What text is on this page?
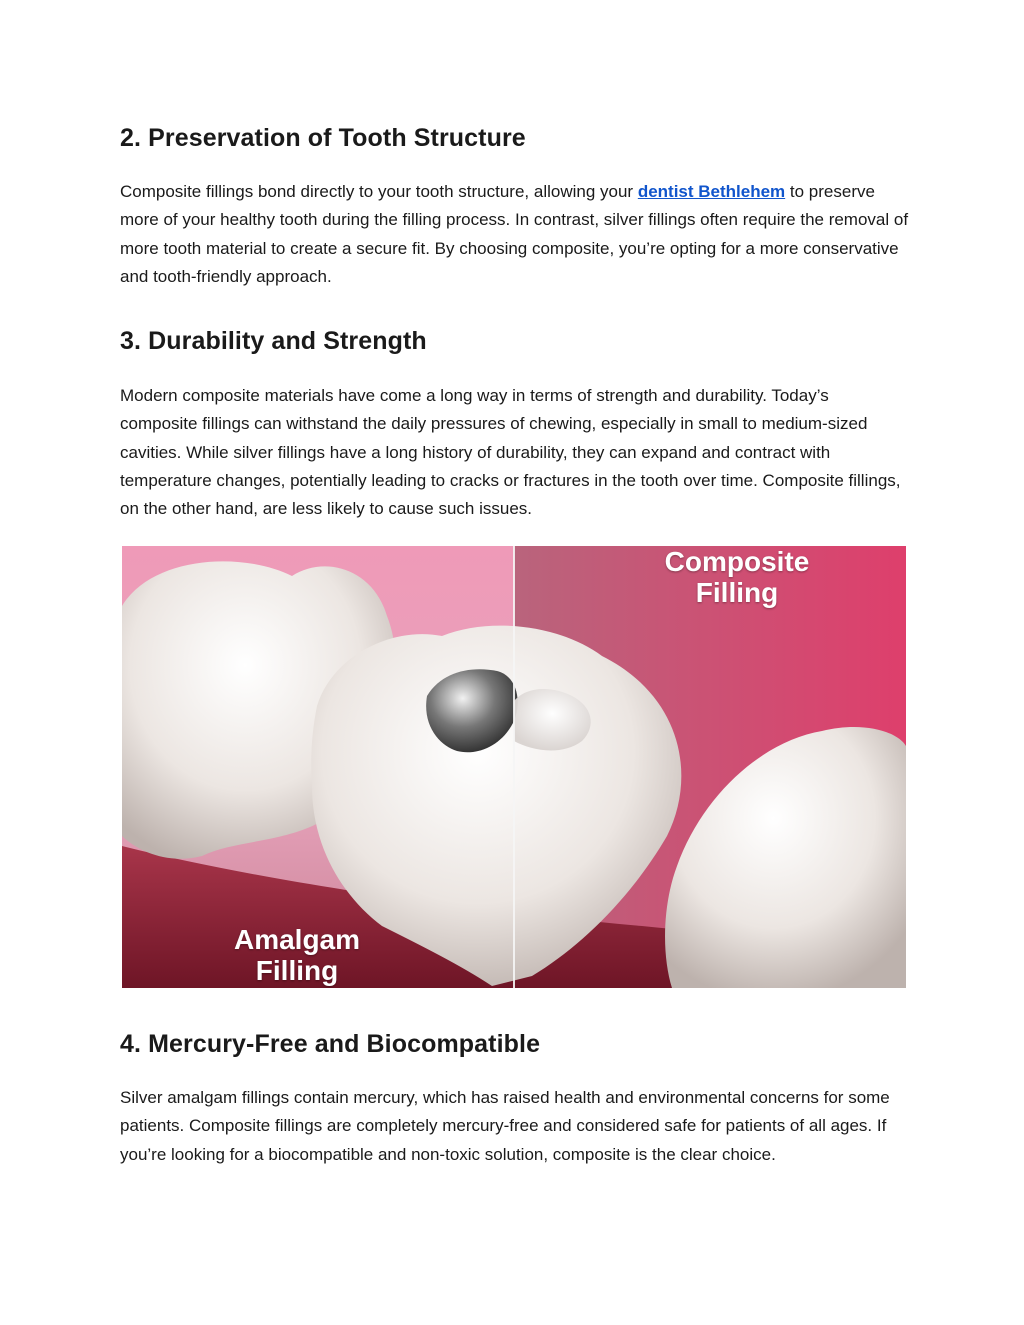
2. Preservation of Tooth Structure

Composite fillings bond directly to your tooth structure, allowing your dentist Bethlehem to preserve more of your healthy tooth during the filling process. In contrast, silver fillings often require the removal of more tooth material to create a secure fit. By choosing composite, you’re opting for a more conservative and tooth-friendly approach.

3. Durability and Strength

Modern composite materials have come a long way in terms of strength and durability. Today’s composite fillings can withstand the daily pressures of chewing, especially in small to medium-sized cavities. While silver fillings have a long history of durability, they can expand and contract with temperature changes, potentially leading to cracks or fractures in the tooth over time. Composite fillings, on the other hand, are less likely to cause such issues.

4. Mercury-Free and Biocompatible

Silver amalgam fillings contain mercury, which has raised health and environmental concerns for some patients. Composite fillings are completely mercury-free and considered safe for patients of all ages. If you’re looking for a biocompatible and non-toxic solution, composite is the clear choice.

Composite
Filling
Amalgam
Filling
